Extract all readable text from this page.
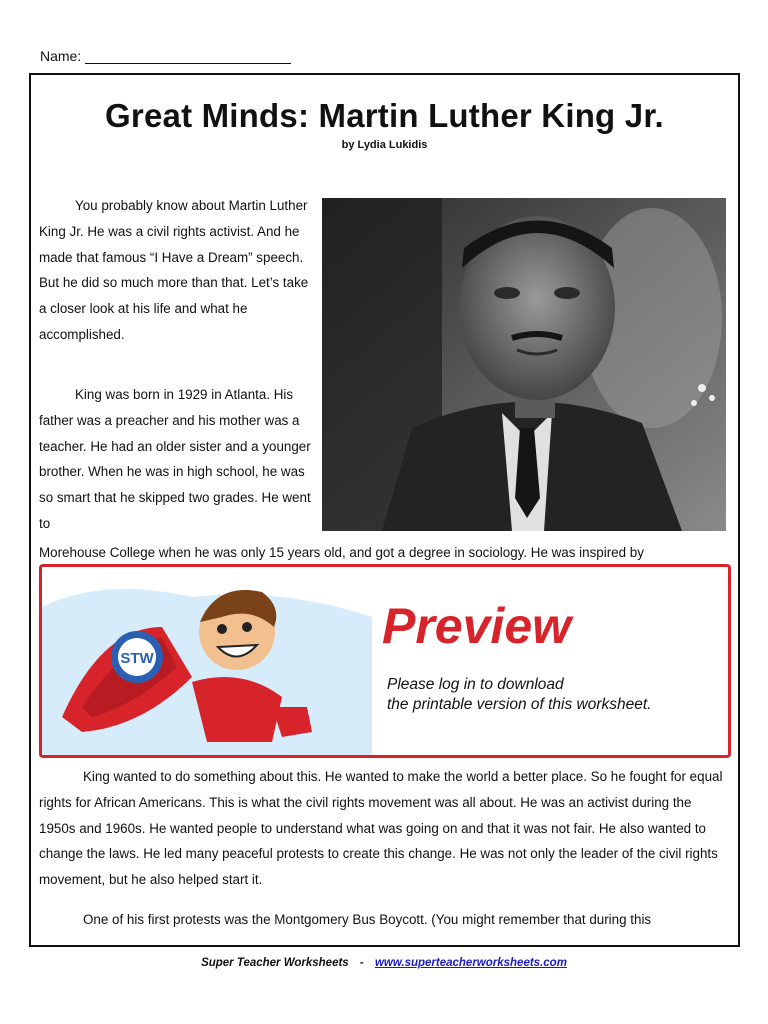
Name:
Great Minds: Martin Luther King Jr.
by Lydia Lukidis

You probably know about Martin Luther King Jr. He was a civil rights activist. And he made that famous “I Have a Dream” speech. But he did so much more than that. Let’s take a closer look at his life and what he accomplished.

King was born in 1929 in Atlanta. His father was a preacher and his mother was a teacher. He had an older sister and a younger brother. When he was in high school, he was so smart that he skipped two grades. He went to

Morehouse College when he was only 15 years old, and got a degree in sociology. He was inspired by
STW
Preview
Please log in to download
the printable version of this worksheet.

King wanted to do something about this. He wanted to make the world a better place. So he fought for equal rights for African Americans. This is what the civil rights movement was all about. He was an activist during the 1950s and 1960s. He wanted people to understand what was going on and that it was not fair. He also wanted to change the laws. He led many peaceful protests to create this change. He was not only the leader of the civil rights movement, but he also helped start it.

One of his first protests was the Montgomery Bus Boycott. (You might remember that during this

Super Teacher Worksheets - www.superteacherworksheets.com
